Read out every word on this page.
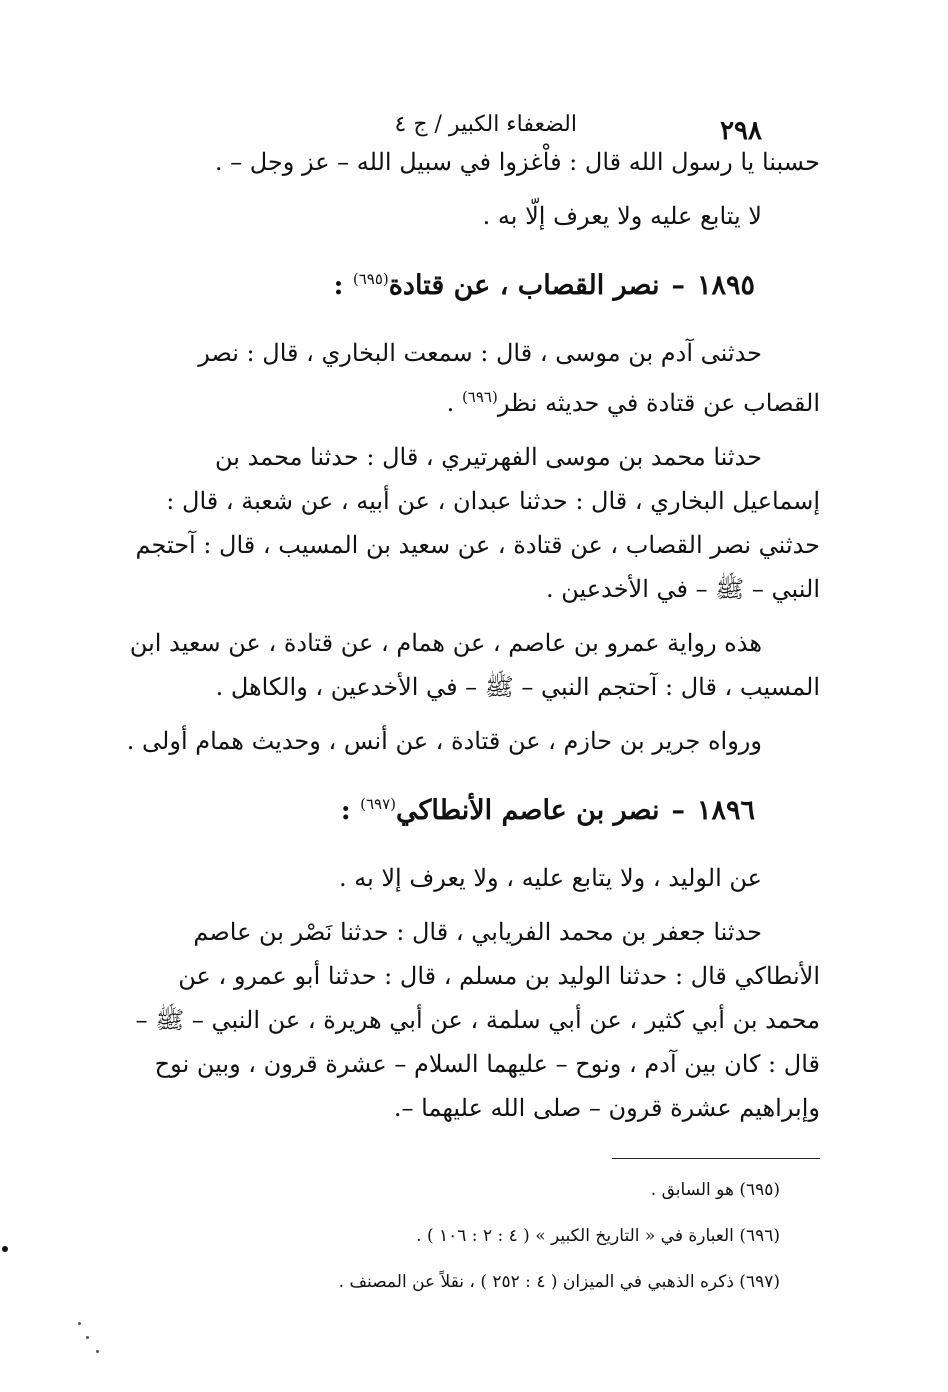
٢٩٨
الضعفاء الكبير / ج ٤

حسبنا يا رسول الله قال : فاْغزوا في سبيل الله – عز وجل – .

لا يتابع عليه ولا يعرف إلّا به .

١٨٩٥–نصر القصاب ، عن قتادة$^{(٦٩٥)}$ :

حدثنى آدم بن موسى ، قال : سمعت البخاري ، قال : نصر القصاب عن قتادة في حديثه نظر$^{(٦٩٦)}$ .

حدثنا محمد بن موسى الفهرتيري ، قال : حدثنا محمد بن إسماعيل البخاري ، قال : حدثنا عبدان ، عن أبيه ، عن شعبة ، قال : حدثني نصر القصاب ، عن قتادة ، عن سعيد بن المسيب ، قال : آحتجم النبي – ﷺ – في الأخدعين .

هذه رواية عمرو بن عاصم ، عن همام ، عن قتادة ، عن سعيد ابن المسيب ، قال : آحتجم النبي – ﷺ – في الأخدعين ، والكاهل .

ورواه جرير بن حازم ، عن قتادة ، عن أنس ، وحديث همام أولى .

١٨٩٦–نصر بن عاصم الأنطاكي$^{(٦٩٧)}$ :

عن الوليد ، ولا يتابع عليه ، ولا يعرف إلا به .

حدثنا جعفر بن محمد الفريابي ، قال : حدثنا نَصْر بن عاصم الأنطاكي قال : حدثنا الوليد بن مسلم ، قال : حدثنا أبو عمرو ، عن محمد بن أبي كثير ، عن أبي سلمة ، عن أبي هريرة ، عن النبي – ﷺ – قال : كان بين آدم ، ونوح – عليهما السلام – عشرة قرون ، وبين نوح وإبراهيم عشرة قرون – صلى الله عليهما –.

(٦٩٥) هو السابق .

(٦٩٦) العبارة في « التاريخ الكبير » ( ٤ : ٢ : ١٠٦ ) .

(٦٩٧) ذكره الذهبي في الميزان ( ٤ : ٢٥٢ ) ، نقلاً عن المصنف .
